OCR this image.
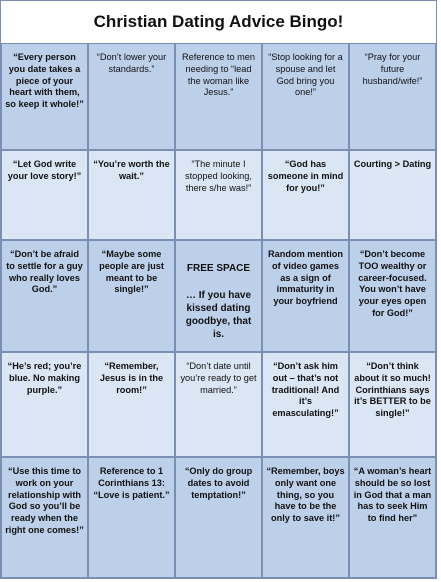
Christian Dating Advice Bingo!
“Every person you date takes a piece of your heart with them, so keep it whole!”
“Don’t lower your standards.”
Reference to men needing to “lead the woman like Jesus.”
“Stop looking for a spouse and let God bring you one!”
“Pray for your future husband/wife!”
“Let God write your love story!”
“You’re worth the wait.”
“The minute I stopped looking, there s/he was!”
“God has someone in mind for you!”
Courting > Dating
“Don’t be afraid to settle for a guy who really loves God.”
“Maybe some people are just meant to be single!”
FREE SPACE
… If you have kissed dating goodbye, that is.
Random mention of video games as a sign of immaturity in your boyfriend
“Don’t become TOO wealthy or career-focused. You won’t have your eyes open for God!”
“He’s red; you’re blue. No making purple.”
“Remember, Jesus is in the room!”
“Don’t date until you’re ready to get married.”
“Don’t ask him out – that’s not traditional! And it’s emasculating!”
“Don’t think about it so much! Corinthians says it’s BETTER to be single!”
“Use this time to work on your relationship with God so you’ll be ready when the right one comes!”
Reference to 1 Corinthians 13: “Love is patient.”
“Only do group dates to avoid temptation!”
“Remember, boys only want one thing, so you have to be the only to save it!”
“A woman’s heart should be so lost in God that a man has to seek Him to find her”
